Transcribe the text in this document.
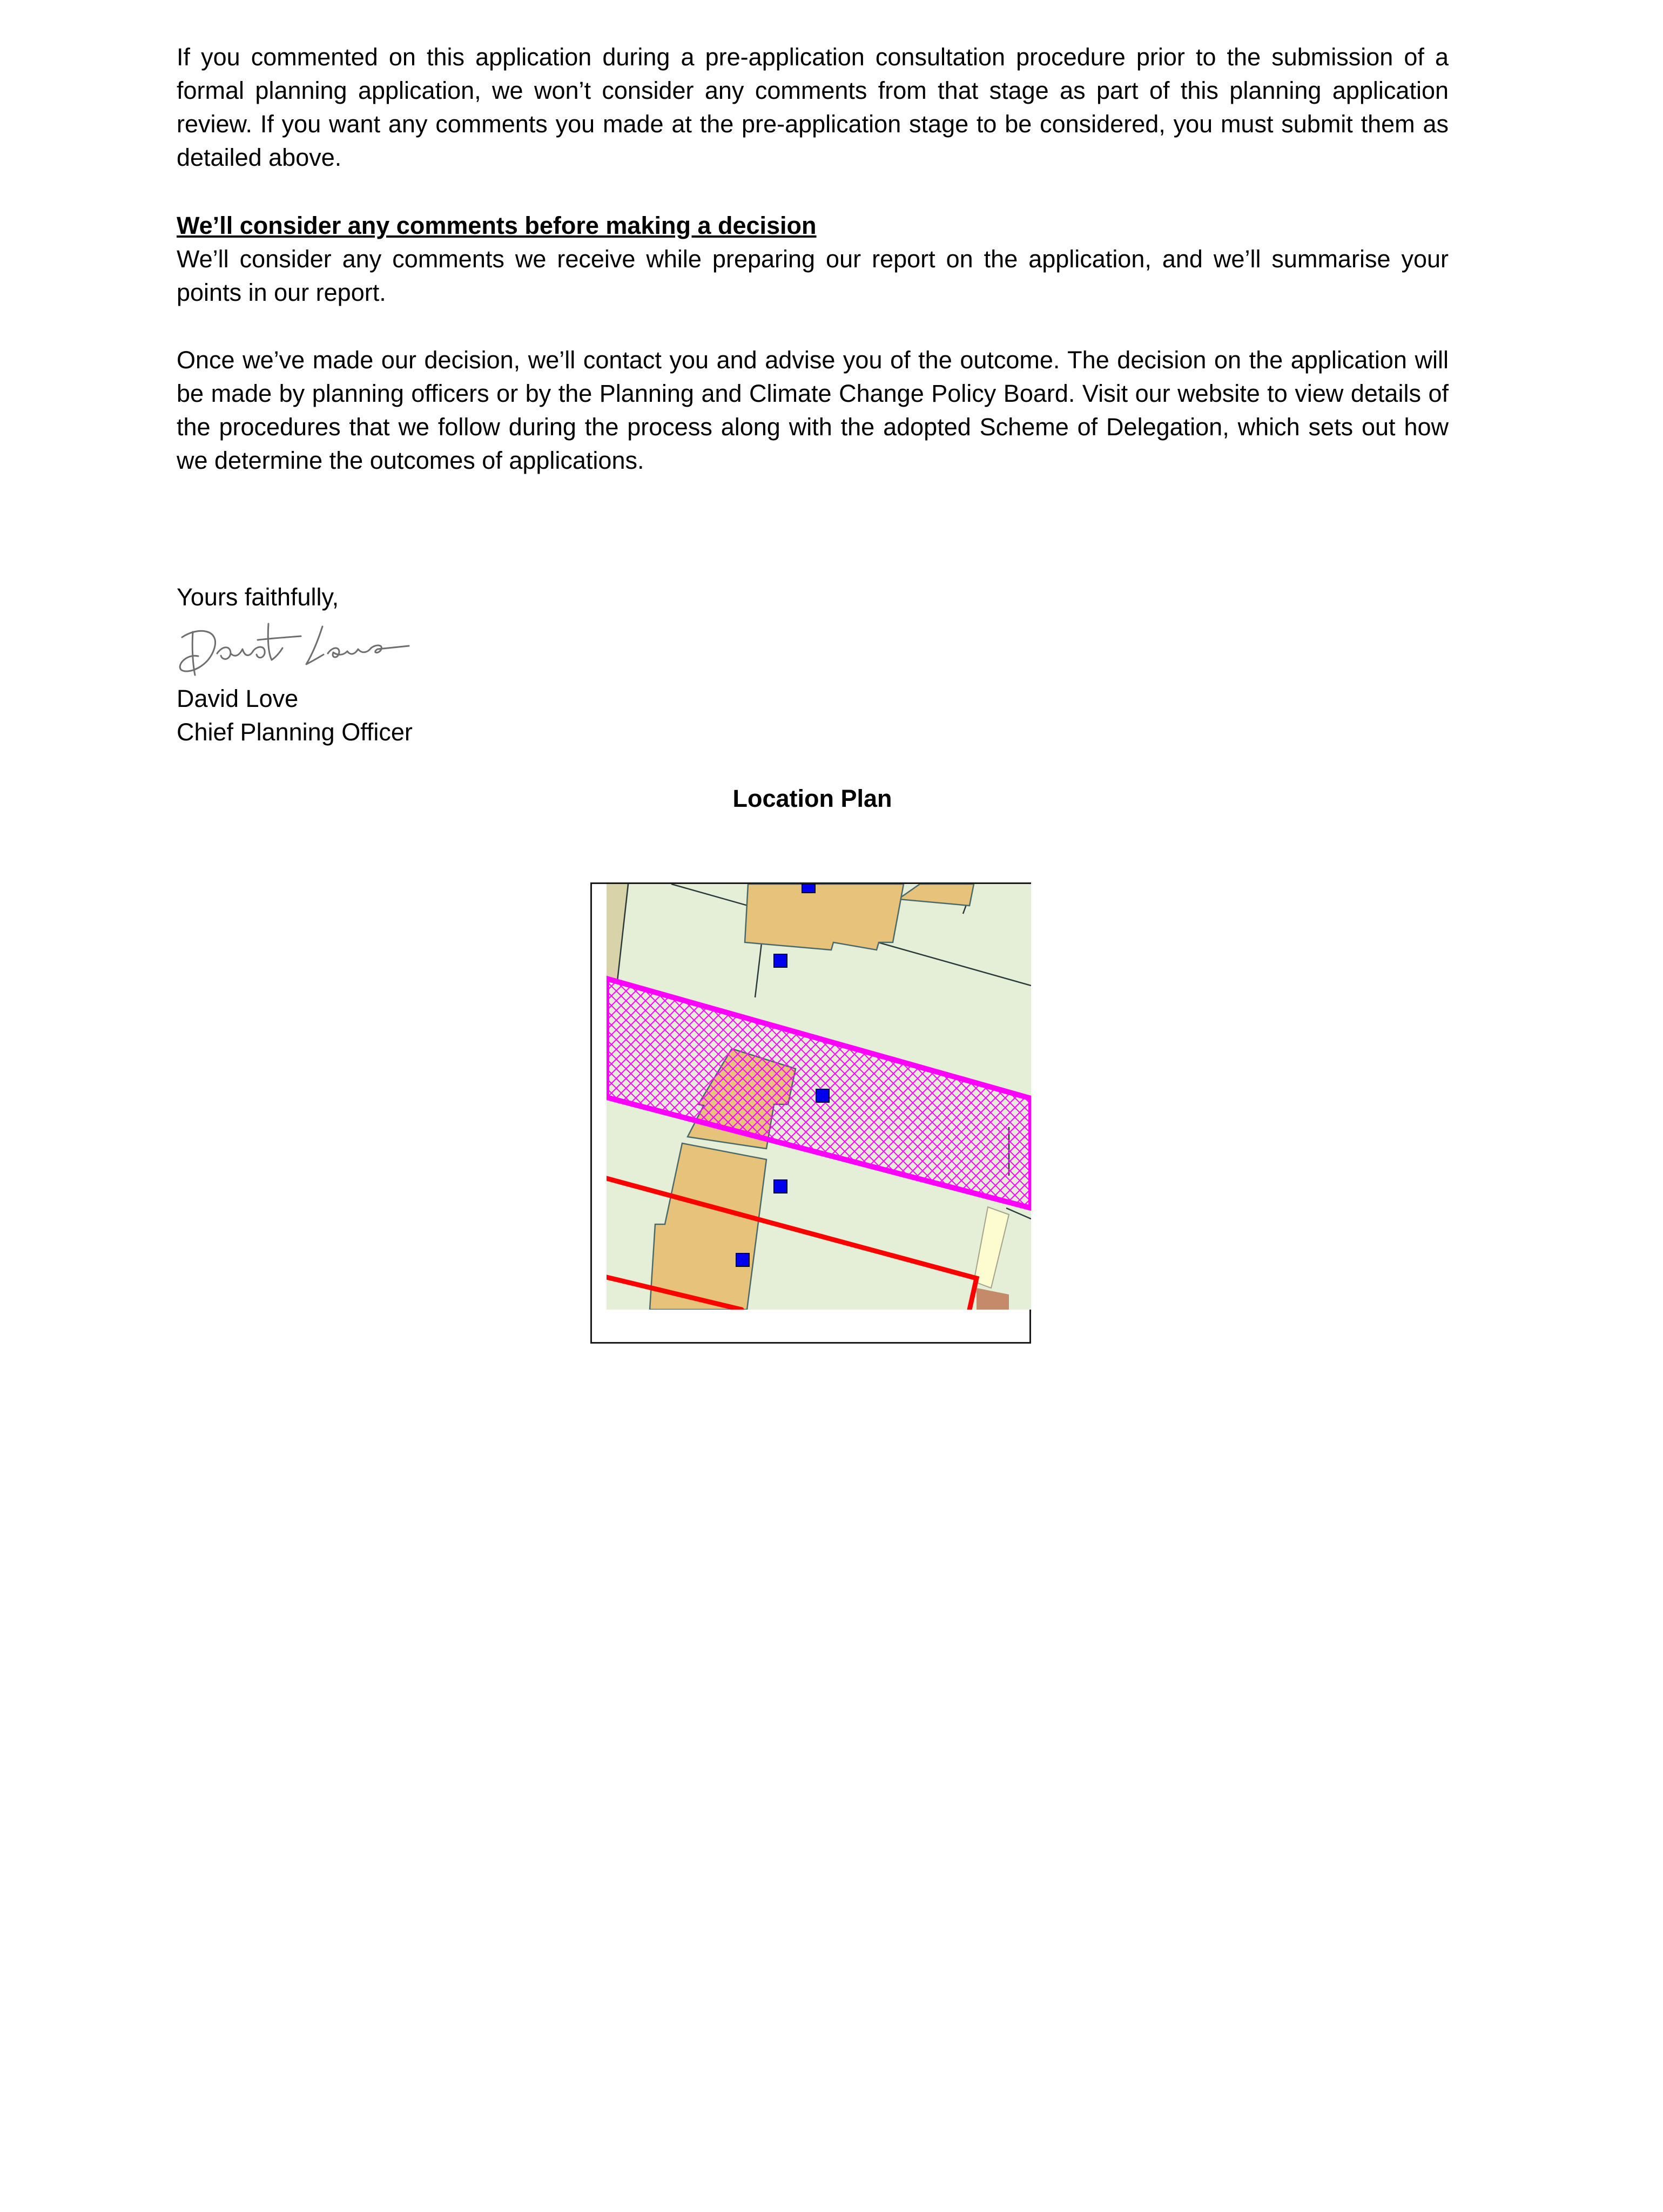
If you commented on this application during a pre-application consultation procedure prior to the submission of a formal planning application, we won’t consider any comments from that stage as part of this planning application review. If you want any comments you made at the pre-application stage to be considered, you must submit them as detailed above.

We’ll consider any comments before making a decision

We’ll consider any comments we receive while preparing our report on the application, and we’ll summarise your points in our report.

Once we’ve made our decision, we’ll contact you and advise you of the outcome. The decision on the application will be made by planning officers or by the Planning and Climate Change Policy Board. Visit our website to view details of the procedures that we follow during the process along with the adopted Scheme of Delegation, which sets out how we determine the outcomes of applications.

Yours faithfully,
David Love
Chief Planning Officer
Location Plan
